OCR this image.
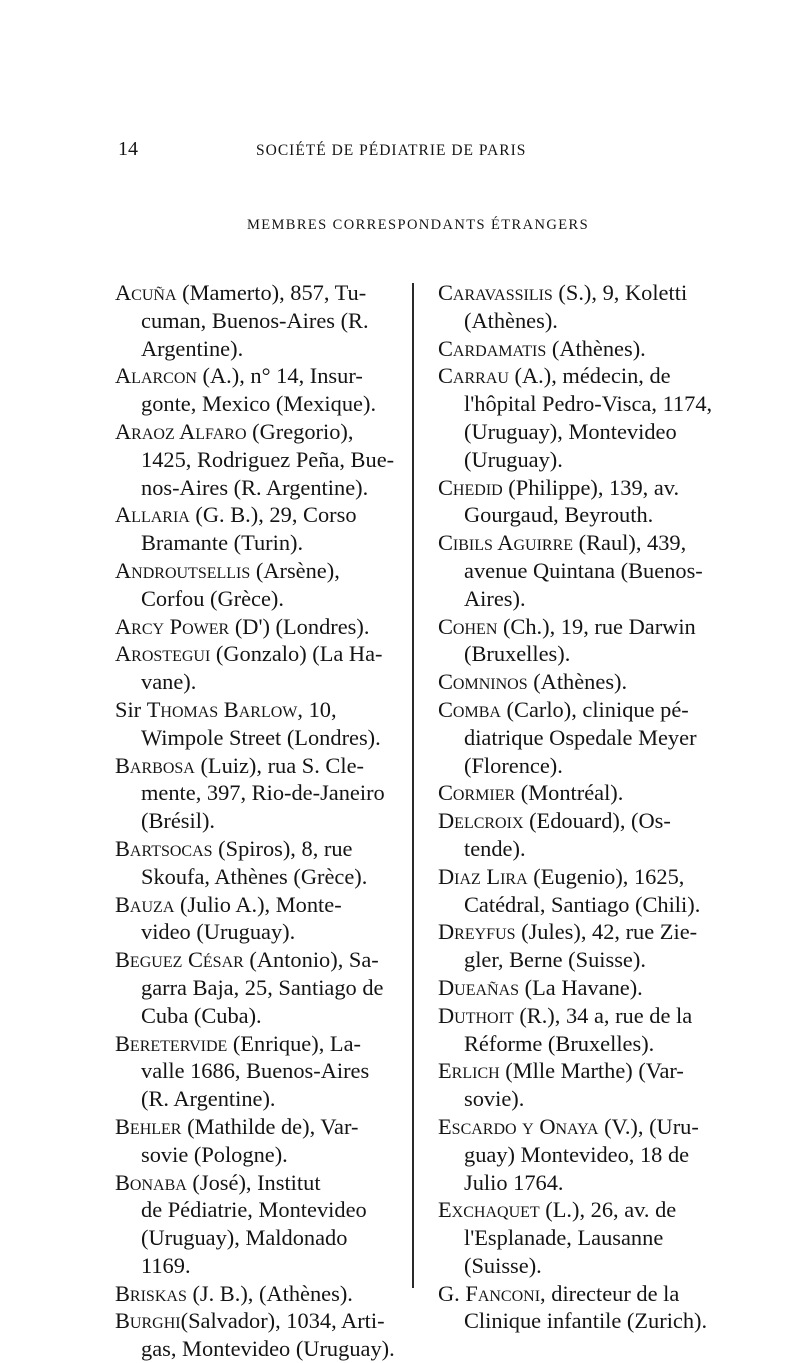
14	SOCIÉTÉ DE PÉDIATRIE DE PARIS
MEMBRES CORRESPONDANTS ÉTRANGERS
Acuña (Mamerto), 857, Tu-
cuman, Buenos-Aires (R.
Argentine).
Alarcon (A.), n° 14, Insur-
gonte, Mexico (Mexique).
Araoz Alfaro (Gregorio),
1425, Rodriguez Peña, Bue-
nos-Aires (R. Argentine).
Allaria (G. B.), 29, Corso
Bramante (Turin).
Androutsellis (Arsène),
Corfou (Grèce).
Arcy Power (D') (Londres).
Arostegui (Gonzalo) (La Ha-
vane).
Sir Thomas Barlow, 10,
Wimpole Street (Londres).
Barbosa (Luiz), rua S. Cle-
mente, 397, Rio-de-Janeiro
(Brésil).
Bartsocas (Spiros), 8, rue
Skoufa, Athènes (Grèce).
Bauza (Julio A.), Monte-
video (Uruguay).
Beguez César (Antonio), Sa-
garra Baja, 25, Santiago de
Cuba (Cuba).
Beretervide (Enrique), La-
valle 1686, Buenos-Aires
(R. Argentine).
Behler (Mathilde de), Var-
sovie (Pologne).
Bonaba (José), Institut
de Pédiatrie, Montevideo
(Uruguay), Maldonado
1169.
Briskas (J. B.), (Athènes).
Burghi(Salvador), 1034, Arti-
gas, Montevideo (Uruguay).
Caravassilis (S.), 9, Koletti
(Athènes).
Cardamatis (Athènes).
Carrau (A.), médecin, de
l'hôpital Pedro-Visca, 1174,
(Uruguay), Montevideo
(Uruguay).
Chedid (Philippe), 139, av.
Gourgaud, Beyrouth.
Cibils Aguirre (Raul), 439,
avenue Quintana (Buenos-
Aires).
Cohen (Ch.), 19, rue Darwin
(Bruxelles).
Comninos (Athènes).
Comba (Carlo), clinique pé-
diatrique Ospedale Meyer
(Florence).
Cormier (Montréal).
Delcroix (Edouard), (Os-
tende).
Diaz Lira (Eugenio), 1625,
Catédral, Santiago (Chili).
Dreyfus (Jules), 42, rue Zie-
gler, Berne (Suisse).
Dueañas (La Havane).
Duthoit (R.), 34 a, rue de la
Réforme (Bruxelles).
Erlich (Mlle Marthe) (Var-
sovie).
Escardo y Onaya (V.), (Uru-
guay) Montevideo, 18 de
Julio 1764.
Exchaquet (L.), 26, av. de
l'Esplanade, Lausanne
(Suisse).
G. Fanconi, directeur de la
Clinique infantile (Zurich).
